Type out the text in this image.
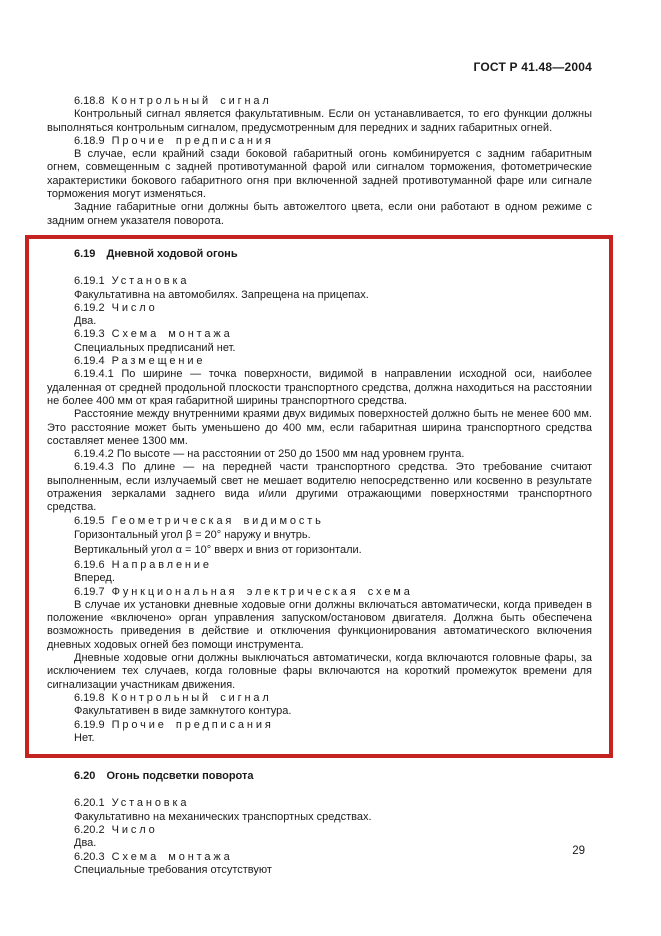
ГОСТ Р 41.48—2004
6.18.8 Контрольный сигнал

Контрольный сигнал является факультативным. Если он устанавливается, то его функции должны выполняться контрольным сигналом, предусмотренным для передних и задних габаритных огней.

6.18.9 Прочие предписания

В случае, если крайний сзади боковой габаритный огонь комбинируется с задним габаритным огнем, совмещенным с задней противотуманной фарой или сигналом торможения, фотометрические характеристики бокового габаритного огня при включенной задней противотуманной фаре или сигнале торможения могут изменяться.

Задние габаритные огни должны быть автожелтого цвета, если они работают в одном режиме с задним огнем указателя поворота.

6.19 Дневной ходовой огонь
6.19.1 Установка

Факультативна на автомобилях. Запрещена на прицепах.

6.19.2 Число

Два.

6.19.3 Схема монтажа

Специальных предписаний нет.

6.19.4 Размещение

6.19.4.1 По ширине — точка поверхности, видимой в направлении исходной оси, наиболее удаленная от средней продольной плоскости транспортного средства, должна находиться на расстоянии не более 400 мм от края габаритной ширины транспортного средства.

Расстояние между внутренними краями двух видимых поверхностей должно быть не менее 600 мм. Это расстояние может быть уменьшено до 400 мм, если габаритная ширина транспортного средства составляет менее 1300 мм.

6.19.4.2 По высоте — на расстоянии от 250 до 1500 мм над уровнем грунта.

6.19.4.3 По длине — на передней части транспортного средства. Это требование считают выполненным, если излучаемый свет не мешает водителю непосредственно или косвенно в результате отражения зеркалами заднего вида и/или другими отражающими поверхностями транспортного средства.

6.19.5 Геометрическая видимость

Горизонтальный угол β = 20° наружу и внутрь.

Вертикальный угол α = 10° вверх и вниз от горизонтали.

6.19.6 Направление

Вперед.

6.19.7 Функциональная электрическая схема

В случае их установки дневные ходовые огни должны включаться автоматически, когда приведен в положение «включено» орган управления запуском/остановом двигателя. Должна быть обеспечена возможность приведения в действие и отключения функционирования автоматического включения дневных ходовых огней без помощи инструмента.

Дневные ходовые огни должны выключаться автоматически, когда включаются головные фары, за исключением тех случаев, когда головные фары включаются на короткий промежуток времени для сигнализации участникам движения.

6.19.8 Контрольный сигнал

Факультативен в виде замкнутого контура.

6.19.9 Прочие предписания

Нет.

6.20 Огонь подсветки поворота
6.20.1 Установка

Факультативно на механических транспортных средствах.

6.20.2 Число

Два.

6.20.3 Схема монтажа

Специальные требования отсутствуют

29
